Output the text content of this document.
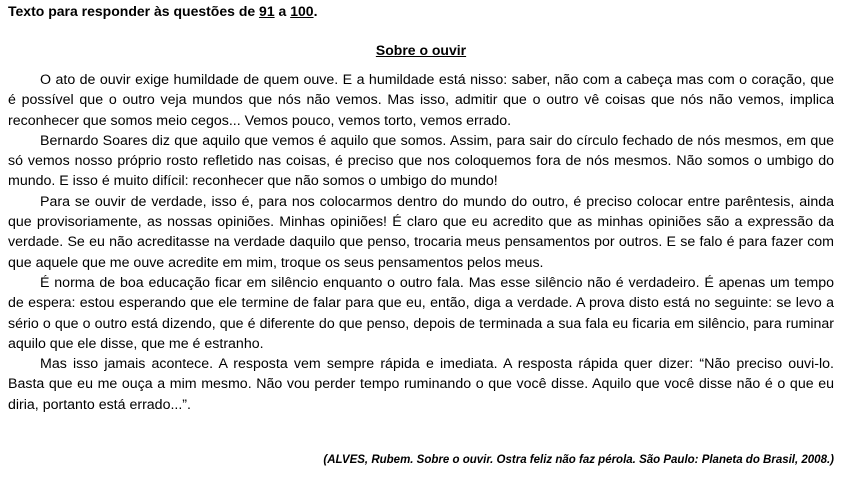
Texto para responder às questões de 91 a 100.
Sobre o ouvir

O ato de ouvir exige humildade de quem ouve. E a humildade está nisso: saber, não com a cabeça mas com o coração, que é possível que o outro veja mundos que nós não vemos. Mas isso, admitir que o outro vê coisas que nós não vemos, implica reconhecer que somos meio cegos... Vemos pouco, vemos torto, vemos errado.

Bernardo Soares diz que aquilo que vemos é aquilo que somos. Assim, para sair do círculo fechado de nós mesmos, em que só vemos nosso próprio rosto refletido nas coisas, é preciso que nos coloquemos fora de nós mesmos. Não somos o umbigo do mundo. E isso é muito difícil: reconhecer que não somos o umbigo do mundo!

Para se ouvir de verdade, isso é, para nos colocarmos dentro do mundo do outro, é preciso colocar entre parêntesis, ainda que provisoriamente, as nossas opiniões. Minhas opiniões! É claro que eu acredito que as minhas opiniões são a expressão da verdade. Se eu não acreditasse na verdade daquilo que penso, trocaria meus pensamentos por outros. E se falo é para fazer com que aquele que me ouve acredite em mim, troque os seus pensamentos pelos meus.

É norma de boa educação ficar em silêncio enquanto o outro fala. Mas esse silêncio não é verdadeiro. É apenas um tempo de espera: estou esperando que ele termine de falar para que eu, então, diga a verdade. A prova disto está no seguinte: se levo a sério o que o outro está dizendo, que é diferente do que penso, depois de terminada a sua fala eu ficaria em silêncio, para ruminar aquilo que ele disse, que me é estranho.

Mas isso jamais acontece. A resposta vem sempre rápida e imediata. A resposta rápida quer dizer: “Não preciso ouvi-lo. Basta que eu me ouça a mim mesmo. Não vou perder tempo ruminando o que você disse. Aquilo que você disse não é o que eu diria, portanto está errado...”.

(ALVES, Rubem. Sobre o ouvir. Ostra feliz não faz pérola. São Paulo: Planeta do Brasil, 2008.)
